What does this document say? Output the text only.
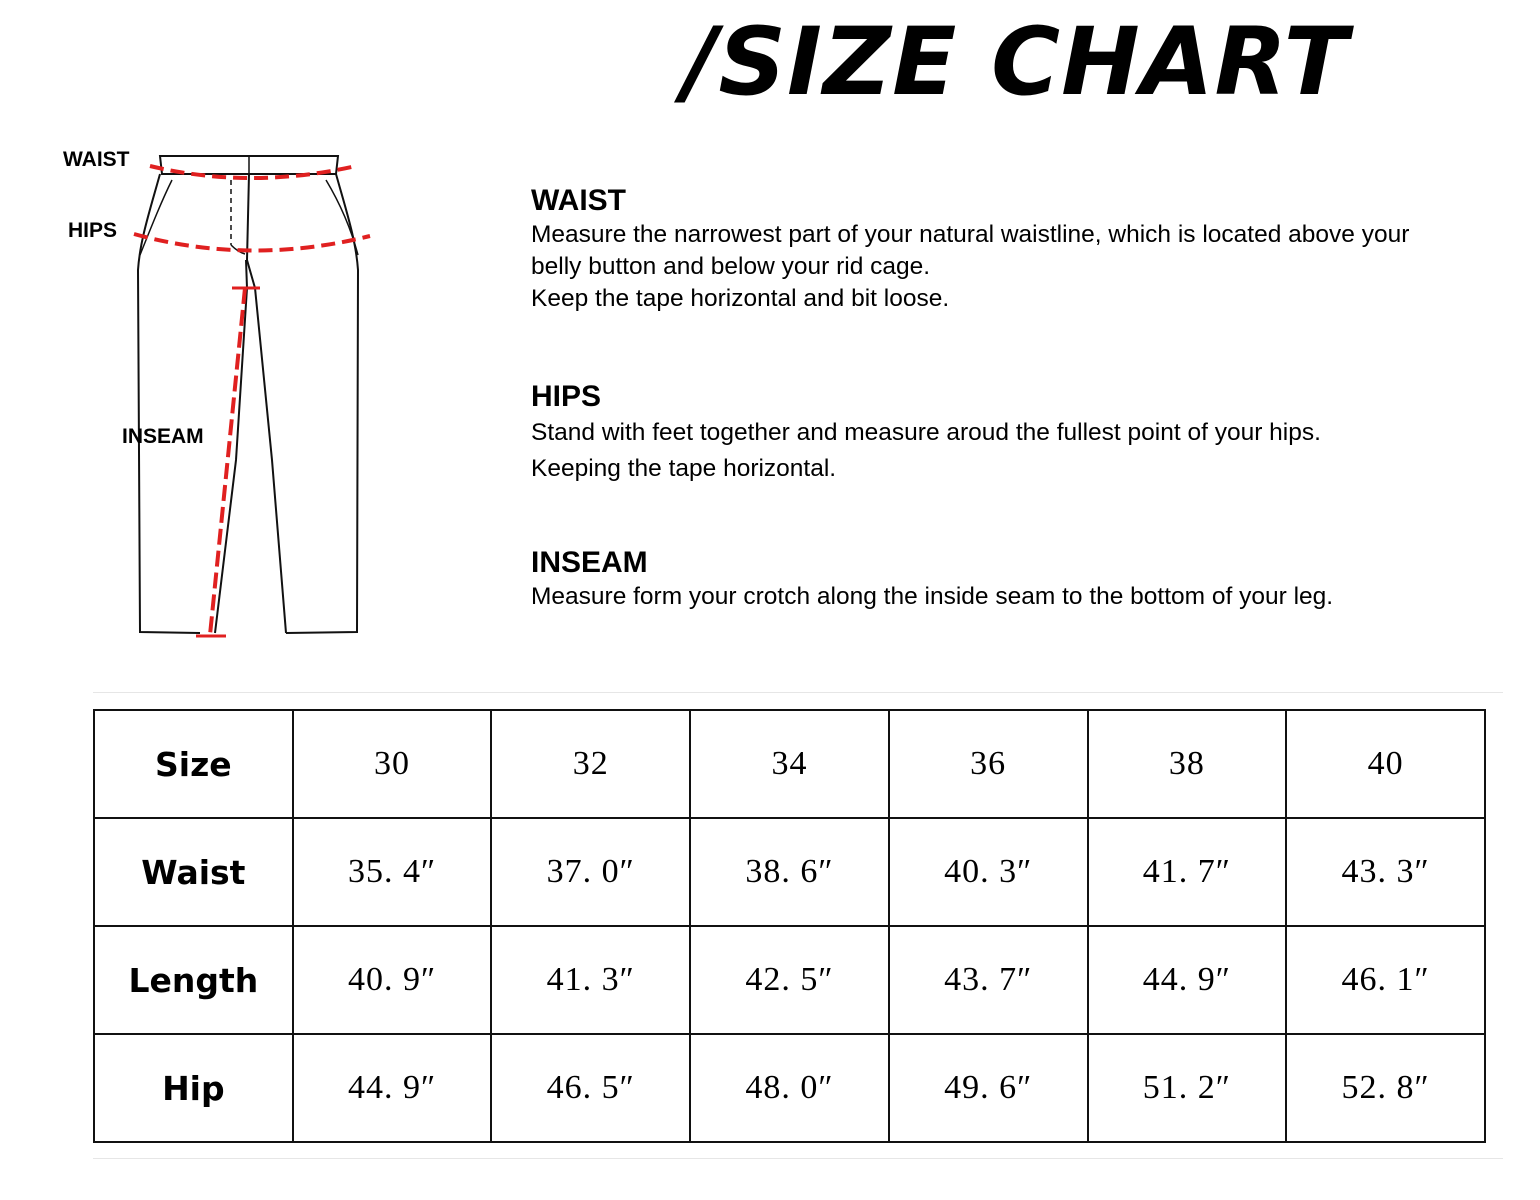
/SIZE CHART
WAIST
HIPS
INSEAM
WAIST

Measure the narrowest part of your natural waistline, which is located above your

belly button and below your rid cage.

Keep the tape horizontal and bit loose.

HIPS

Stand with feet together and measure aroud the fullest point of your hips.

Keeping the tape horizontal.

INSEAM

Measure form your crotch along the inside seam to the bottom of your leg.

Size	30	32	34	36	38	40
Waist	35. 4″	37. 0″	38. 6″	40. 3″	41. 7″	43. 3″
Length	40. 9″	41. 3″	42. 5″	43. 7″	44. 9″	46. 1″
Hip	44. 9″	46. 5″	48. 0″	49. 6″	51. 2″	52. 8″
